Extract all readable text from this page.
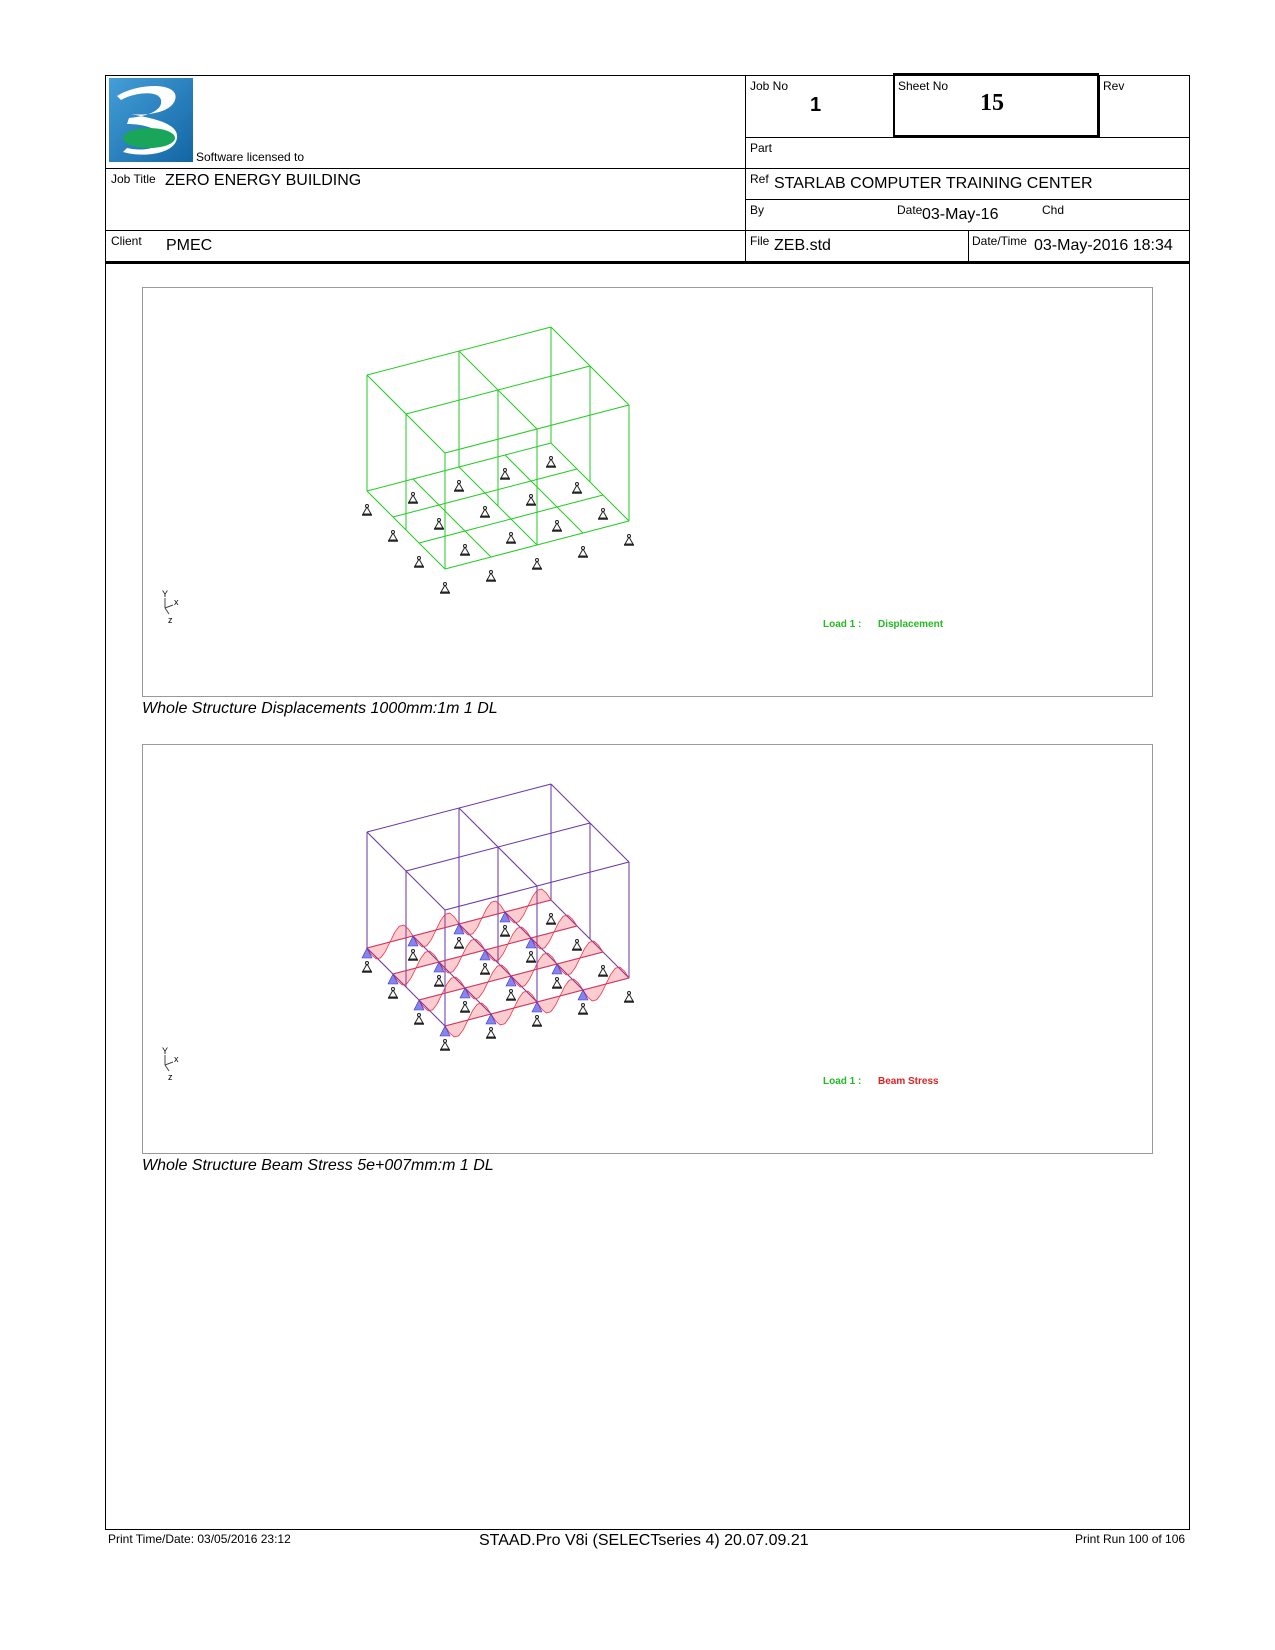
Software licensed to
Job No
1
Sheet No
15
Rev
Part
Job Title ZERO ENERGY BUILDING	Ref STARLAB COMPUTER TRAINING CENTER
By	Date 03-May-16	Chd
Client PMEC	File ZEB.std	Date/Time 03-May-2016 18:34
Y
x
z	Load 1 : Displacement
Whole Structure Displacements 1000mm:1m 1 DL
Y
x
z	Load 1 : Beam Stress
Whole Structure Beam Stress 5e+007mm:m 1 DL
Print Time/Date: 03/05/2016 23:12	STAAD.Pro V8i (SELECTseries 4) 20.07.09.21	Print Run 100 of 106
